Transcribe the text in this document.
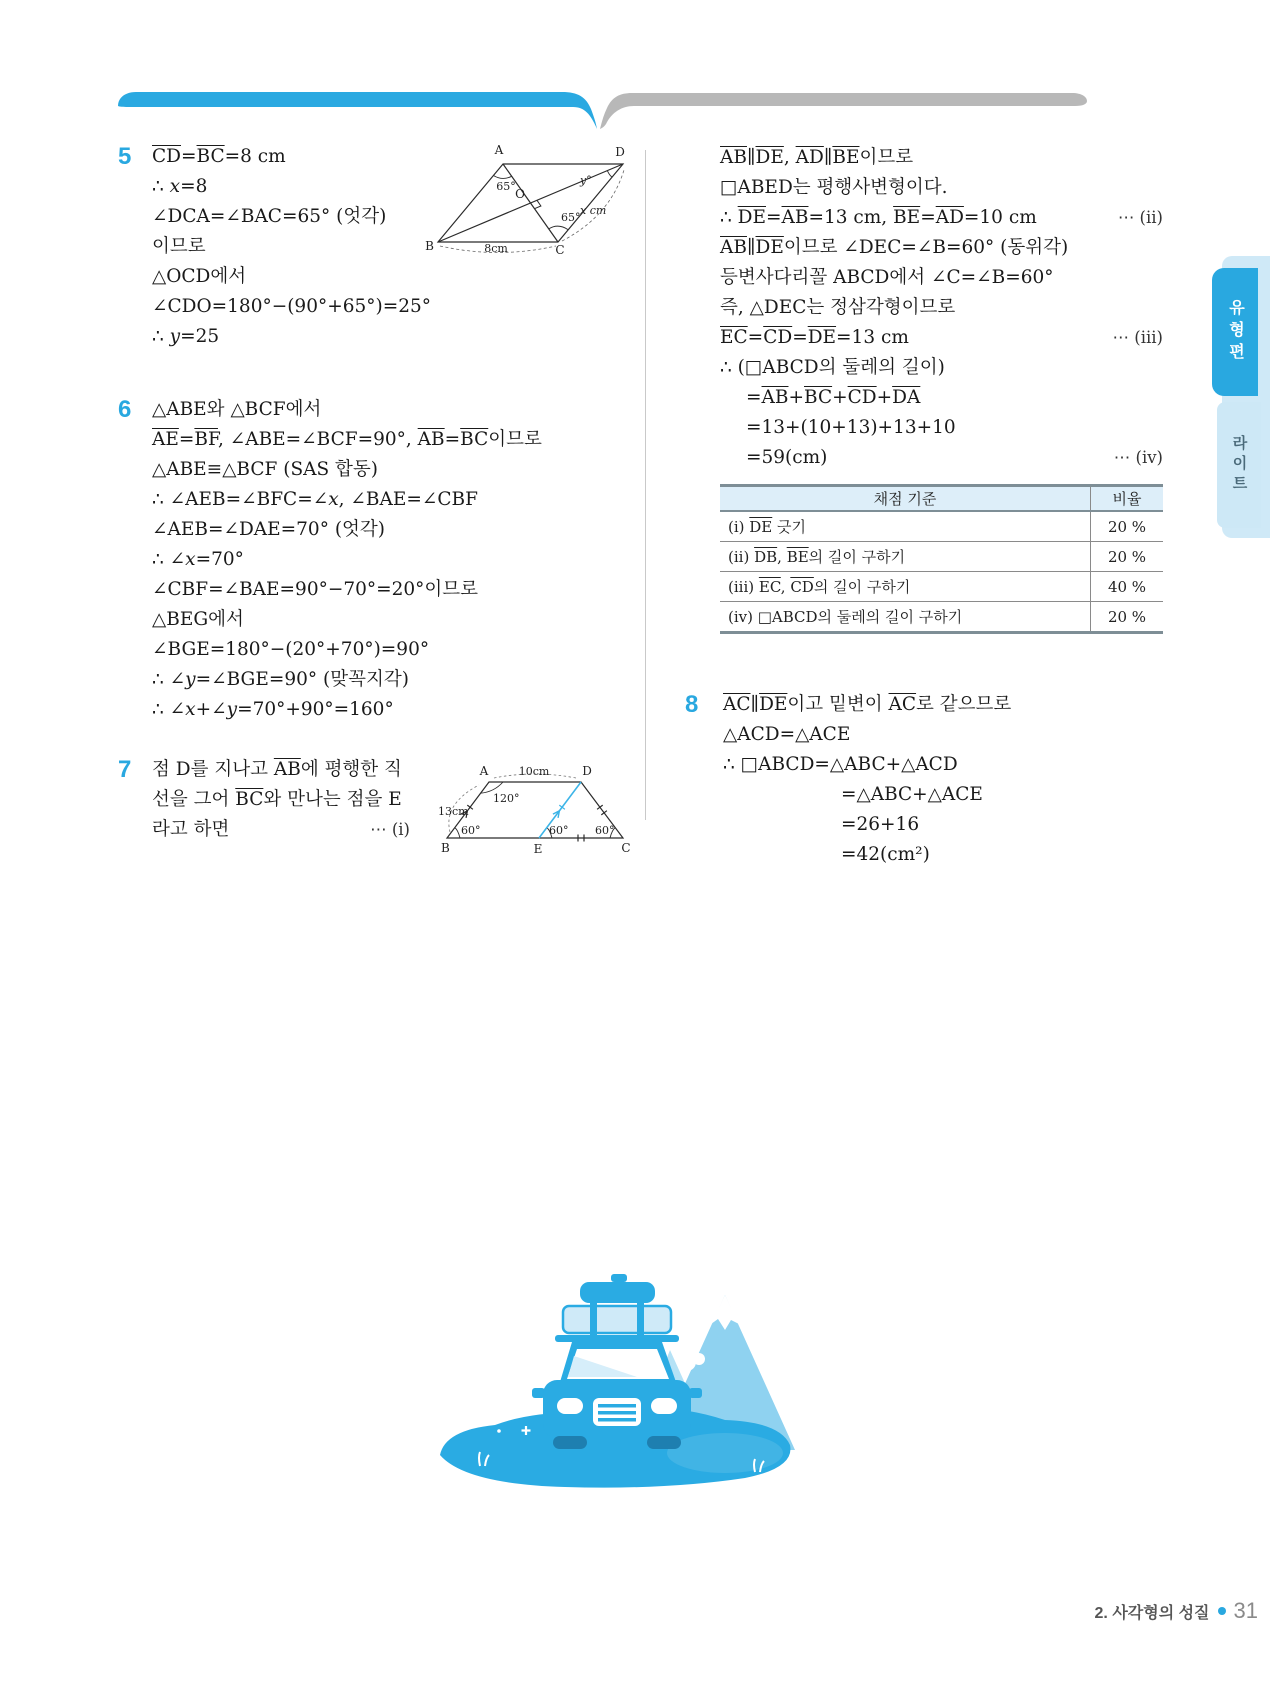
5 $\overline{CD}=\overline{BC}=8$ cm
∴ x=8
∠DCA=∠BAC=65° (엇각)
이므로
△OCD에서
∠CDO=180°−(90°+65°)=25°
∴ y=25
A
B	C
D
O
65°
65°
y°
x cm
8cm
6 △ABE와 △BCF에서
$\overline{AE}=\overline{BF}$, ∠ABE=∠BCF=90°, $\overline{AB}=\overline{BC}$이므로
△ABE≡△BCF (SAS 합동)
∴ ∠AEB=∠BFC=∠x, ∠BAE=∠CBF
∠AEB=∠DAE=70° (엇각)
∴ ∠x=70°
∠CBF=∠BAE=90°−70°=20°이므로
△BEG에서
∠BGE=180°−(20°+70°)=90°
∴ ∠y=∠BGE=90° (맞꼭지각)
∴ ∠x+∠y=70°+90°=160°
7 점 D를 지나고 $\overline{AB}$에 평행한 직
선을 그어 $\overline{BC}$와 만나는 점을 E
라고 하면	⋯ (i)
A	10cm	D
13cm
120°
60°	60° 60°
B	E	C
$\overline{AB}\parallel\overline{DE}$, $\overline{AD}\parallel\overline{BE}$이므로
□ABED는 평행사변형이다.
∴ $\overline{DE}=\overline{AB}=13$ cm, $\overline{BE}=\overline{AD}=10$ cm	⋯ (ii)
$\overline{AB}\parallel\overline{DE}$이므로 ∠DEC=∠B=60° (동위각)
등변사다리꼴 ABCD에서 ∠C=∠B=60°
즉, △DEC는 정삼각형이므로
$\overline{EC}=\overline{CD}=\overline{DE}=13$ cm	⋯ (iii)
∴ (□ABCD의 둘레의 길이)
$=\overline{AB}+\overline{BC}+\overline{CD}+\overline{DA}$
=13+(10+13)+13+10
=59(cm)	⋯ (iv)
채점 기준	비율
(i) $\overline{DE}$ 긋기	20 %
(ii) $\overline{DB}$, $\overline{BE}$의 길이 구하기	20 %
(iii) $\overline{EC}$, $\overline{CD}$의 길이 구하기	40 %
(iv) □ABCD의 둘레의 길이 구하기	20 %
8 $\overline{AC}\parallel\overline{DE}$이고 밑변이 $\overline{AC}$로 같으므로
△ACD=△ACE
∴ □ABCD=△ABC+△ACD
=△ABC+△ACE
=26+16
=42(cm²)
유형편
라이트
2. 사각형의 성질 31
